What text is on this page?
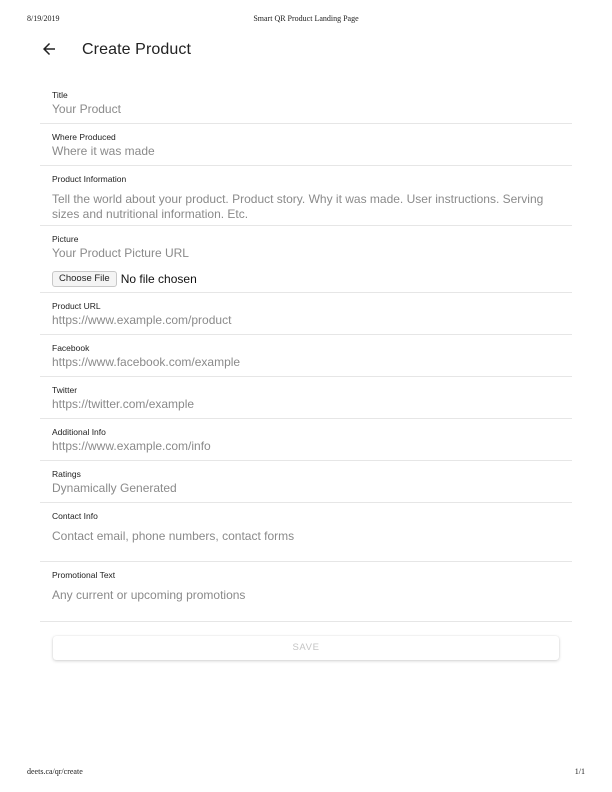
8/19/2019	Smart QR Product Landing Page
Create Product
Title
Your Product
Where Produced
Where it was made
Product Information
Tell the world about your product. Product story. Why it was made. User instructions. Serving sizes and nutritional information. Etc.
Picture
Your Product Picture URL
Choose File No file chosen
Product URL
https://www.example.com/product
Facebook
https://www.facebook.com/example
Twitter
https://twitter.com/example
Additional Info
https://www.example.com/info
Ratings
Dynamically Generated
Contact Info
Contact email, phone numbers, contact forms
Promotional Text
Any current or upcoming promotions
SAVE
deets.ca/qr/create	1/1
